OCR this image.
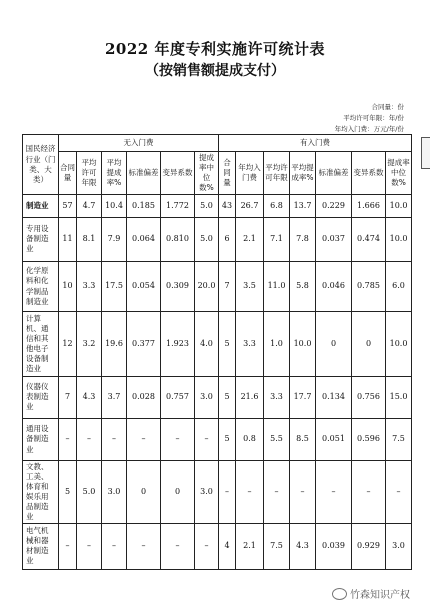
2022 年度专利实施许可统计表
（按销售额提成支付）
合同量：份
平均许可年限：年/份
年均入门费：万元/年/份
国民经济行业（门类、大类）	无入门费						有入门费						
	合同量	平均许可年限	平均提成率%	标准偏差	变异系数	提成率中位数%	合同量	年均入门费	平均许可年限	平均提成率%	标准偏差	变异系数	提成率中位数%
制造业	57	4.7	10.4	0.185	1.772	5.0	43	26.7	6.8	13.7	0.229	1.666	10.0
专用设备制造业	11	8.1	7.9	0.064	0.810	5.0	6	2.1	7.1	7.8	0.037	0.474	10.0
化学原料和化学制品制造业	10	3.3	17.5	0.054	0.309	20.0	7	3.5	11.0	5.8	0.046	0.785	6.0
计算机、通信和其他电子设备制造业	12	3.2	19.6	0.377	1.923	4.0	5	3.3	1.0	10.0	0	0	10.0
仪器仪表制造业	7	4.3	3.7	0.028	0.757	3.0	5	21.6	3.3	17.7	0.134	0.756	15.0
通用设备制造业	–	–	–	–	–	–	5	0.8	5.5	8.5	0.051	0.596	7.5
文教、工美、体育和娱乐用品制造业	5	5.0	3.0	0	0	3.0	–	–	–	–	–	–	–
电气机械和器材制造业	–	–	–	–	–	–	4	2.1	7.5	4.3	0.039	0.929	3.0
竹森知识产权
